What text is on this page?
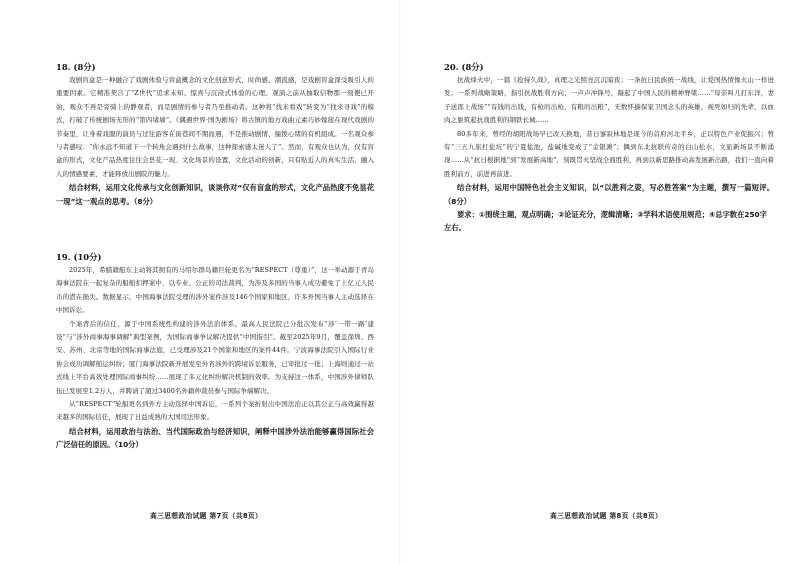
18. (8分)

戏剧盲盒是一种融合了戏剧体验与盲盒概念的文化创意形式，时尚感、潮流感，是戏剧盲盒深受吸引人的重要因素。它精准契合了“Z世代”追求未知、惊喜与沉浸式体验的心理。观演之前从抽取信物那一刻便已开始，观众不再是旁骑上的静观者，而是剧情的参与者乃至推动者。这种将“找来看戏”转变为“找来寻戏”的模式，打破了传统剧场无形的“第四堵墙”。《偶遇世界·国为剧场》将古镇的地方戏曲元素巧妙嫁接在现代戏剧的节奏里，让身着戏服的演员与过往游客在街巷间不期而遇，不是推动剧情、撞拨心绪的有机组成。一名观众参与者感叹：“你永远不知道下一个转角会遇到什么故事，这种探索感太迷人了”。然而，有观众也认为，仅有盲盒的形式，文化产品热度往往会昙花一现。文化场景的设置、文化活动的创新，只有贴近人的真实生活、融入人的情感要素，才能释放出剧院的魅力。

结合材料，运用文化传承与文化创新知识，谈谈你对“仅有盲盒的形式，文化产品热度不免昙花一现”这一观点的思考。（8分）

19. (10分)

2025年，希腊籍船东主动将其拥有的马绍尔群岛籍巨轮更名为“RESPECT（尊重）”，这一举动源于青岛海事法院在一起复杂的船舶扣押案中，以专业、公正的司法裁判，为涉及多国的当事人成功避免了上亿元人民币的潜在损失。数据显示，中国海事法院受理的涉外案件涉及146个国家和地区，许多外国当事人主动选择在中国诉讼。

个案背后的信任，源于中国系统性构建的涉外法治体系。最高人民法院已分批次发布“涉‘一带一路’建设”与“涉外商事海事调解”典型案例，为国际商事争议解决提供“中国指引”。截至2025年9月，覆盖深圳、西安、苏州、北京等地的国际商事法庭，已受理涉及21个国家和地区的案件44件。宁波海事法院引入国际行业协会成功调解舶运纠纷；厦门海事法院新开展发至外省涉外的跨境诉讼服务，已审批过一批；上海则通过一站式线上平台高效处理国际商事纠纷……展现了多元化纠纷解决机制的效率。为支持这一体系，中国涉外律师队伍已发展至1.2万人，并聘请了超过3400名外籍仲裁员参与国际争端解决。

从“RESPECT”轮船更名到外方主动选择中国诉讼，一系列个案折射出中国法治正以其公正与高效赢得越来越多的国际信任，展现了日益成熟的大国司法形象。

结合材料，运用政治与法治、当代国际政治与经济知识，阐释中国涉外法治能够赢得国际社会广泛信任的原因。（10分）

高三思想政治试题 第7页（共8页）
20. (8分)

抗战烽火中，一篇《抢持久战》，真理之光照亮沉沉暗夜；一条抗日民族统一战线，让爱国热情像火山一样迸发；一系列战略策略，指引抗战胜利方向；一声声冲锋号，凝起了中国人民的精神脊梁……“母亲叫儿打东洋，妻子送郎上战场”“有钱的出钱，有枪的出枪，有粮的出粮”，无数怀揣保家卫国念头的英雄，视死如归的先辈，以血肉之躯筑起抗战胜利的钢铁长城……

80多年来，曾经的胡阳战场早已改天换地，昔日寥寂林地是现今的首府河北平乡，正以特色产业促振兴；曾有“三五九旅打盐坑”的宁夏盐池，盐碱地变成了“金银滩”；偶到东北抗联传奇的白山松水，文旅新场景不断涌现……从“抗日根据地”到“发展新高地”，刻既贯火坚战全面胜利，再到以新思路推动高发展新出路，我们一直向着胜利前方，前进再前进。

结合材料，运用中国特色社会主义知识，以“以胜利之姿，写必胜答案”为主题，撰写一篇短评。（8分）

要求：①围绕主题，观点明确；②论证充分，逻辑清晰；③学科术语使用规范；④总字数在250字左右。

高三思想政治试题 第8页（共8页）
